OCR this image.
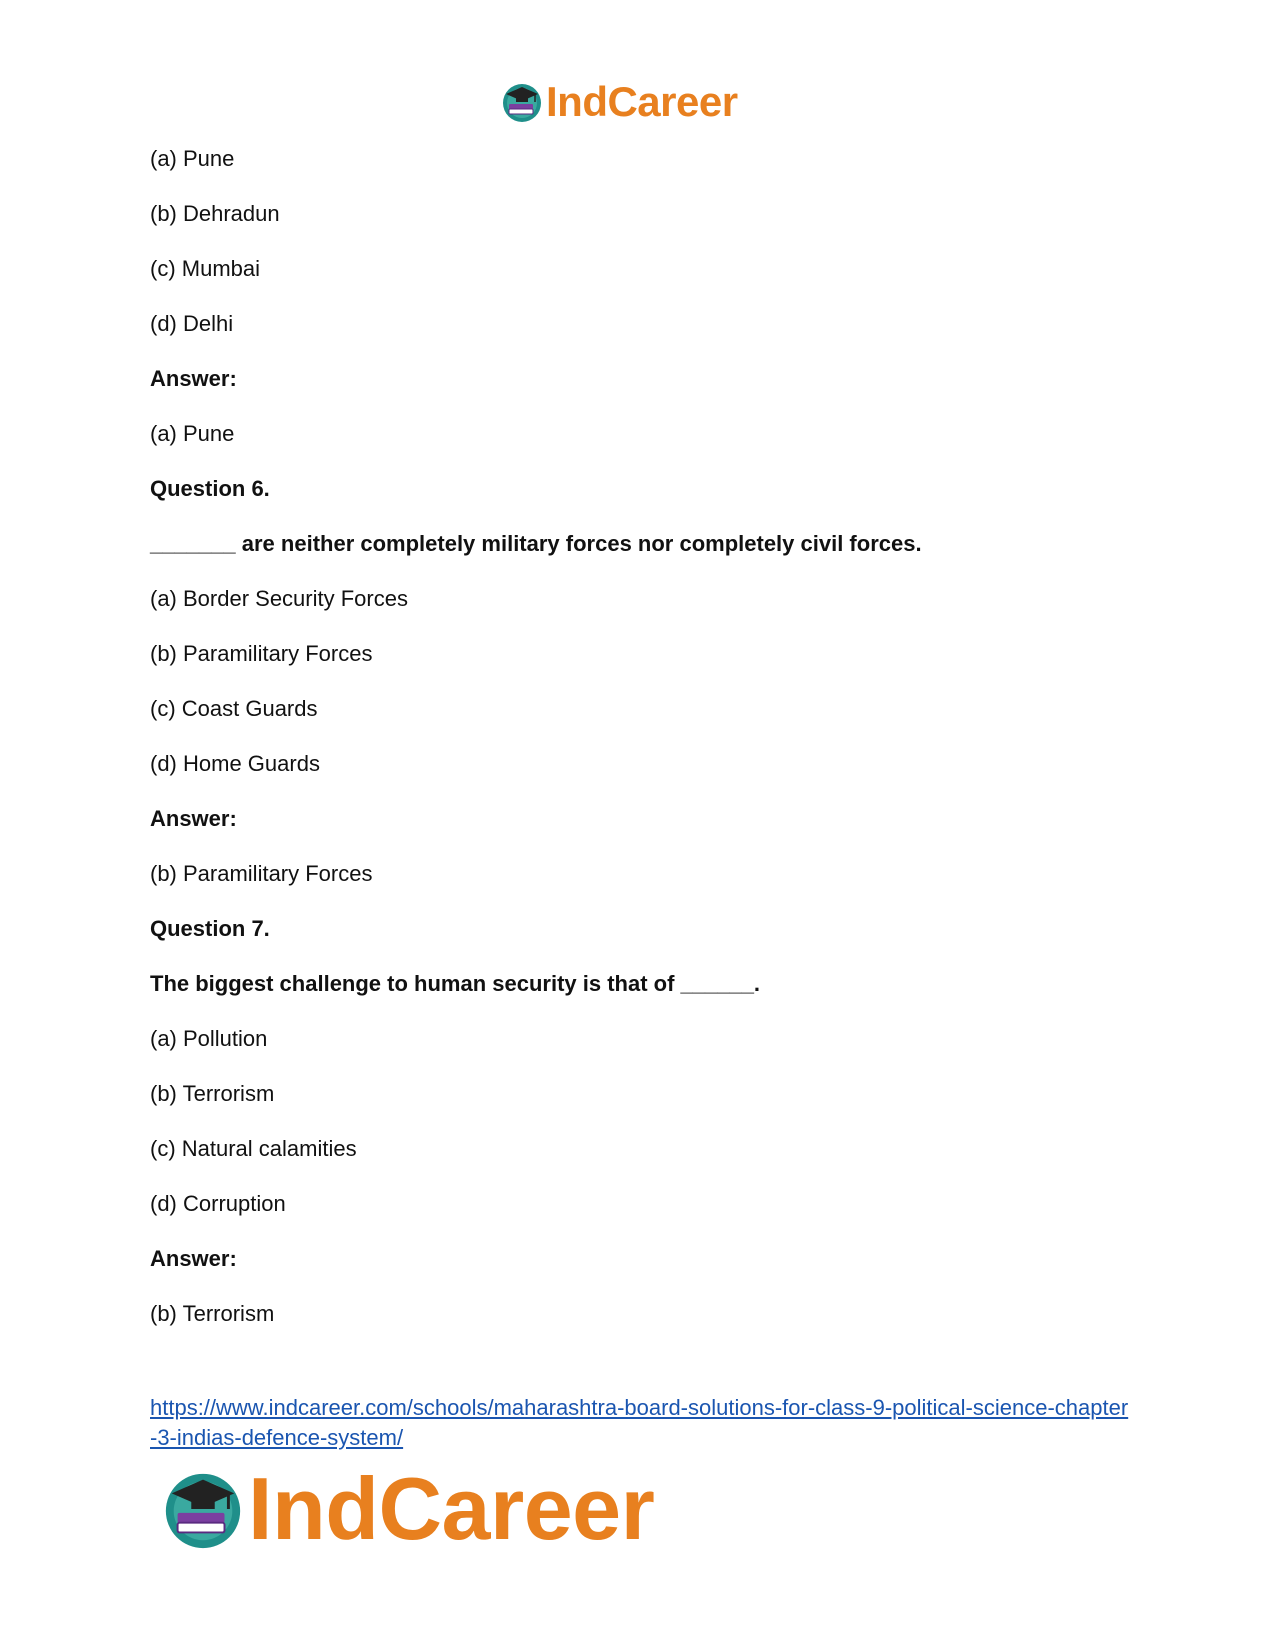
IndCareer
(a) Pune
(b) Dehradun
(c) Mumbai
(d) Delhi
Answer:
(a) Pune
Question 6.
_______ are neither completely military forces nor completely civil forces.
(a) Border Security Forces
(b) Paramilitary Forces
(c) Coast Guards
(d) Home Guards
Answer:
(b) Paramilitary Forces
Question 7.
The biggest challenge to human security is that of ______.
(a) Pollution
(b) Terrorism
(c) Natural calamities
(d) Corruption
Answer:
(b) Terrorism
https://www.indcareer.com/schools/maharashtra-board-solutions-for-class-9-political-science-chapter-3-indias-defence-system/
IndCareer
